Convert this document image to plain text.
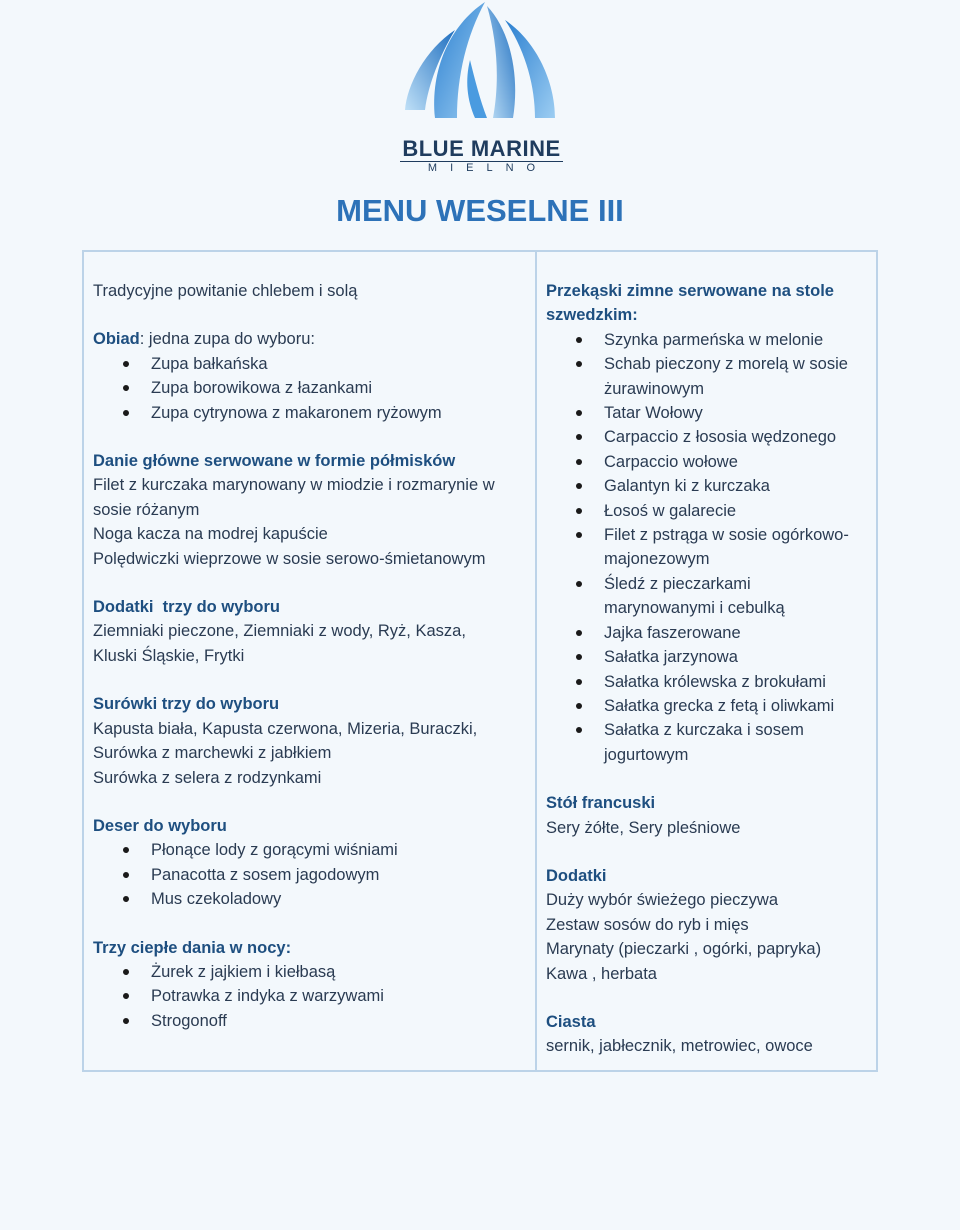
BLUE MARINE
MIELNO
MENU WESELNE III
Tradycyjne powitanie chlebem i solą
Obiad: jedna zupa do wyboru:
Zupa bałkańska
Zupa borowikowa z łazankami
Zupa cytrynowa z makaronem ryżowym
Danie główne serwowane w formie półmisków
Filet z kurczaka marynowany w miodzie i rozmarynie w
sosie różanym
Noga kacza na modrej kapuście
Polędwiczki wieprzowe w sosie serowo-śmietanowym
Dodatki  trzy do wyboru
Ziemniaki pieczone, Ziemniaki z wody, Ryż, Kasza,
Kluski Śląskie, Frytki
Surówki trzy do wyboru
Kapusta biała, Kapusta czerwona, Mizeria, Buraczki,
Surówka z marchewki z jabłkiem
Surówka z selera z rodzynkami
Deser do wyboru
Płonące lody z gorącymi wiśniami
Panacotta z sosem jagodowym
Mus czekoladowy
Trzy ciepłe dania w nocy:
Żurek z jajkiem i kiełbasą
Potrawka z indyka z warzywami
Strogonoff
Przekąski zimne serwowane na stole
szwedzkim:
Szynka parmeńska w melonie
Schab pieczony z morelą w sosie
żurawinowym
Tatar Wołowy
Carpaccio z łososia wędzonego
Carpaccio wołowe
Galantyn ki z kurczaka
Łosoś w galarecie
Filet z pstrąga w sosie ogórkowo-
majonezowym
Śledź z pieczarkami
marynowanymi i cebulką
Jajka faszerowane
Sałatka jarzynowa
Sałatka królewska z brokułami
Sałatka grecka z fetą i oliwkami
Sałatka z kurczaka i sosem
jogurtowym
Stół francuski
Sery żółte, Sery pleśniowe
Dodatki
Duży wybór świeżego pieczywa
Zestaw sosów do ryb i mięs
Marynaty (pieczarki , ogórki, papryka)
Kawa , herbata
Ciasta
sernik, jabłecznik, metrowiec, owoce
